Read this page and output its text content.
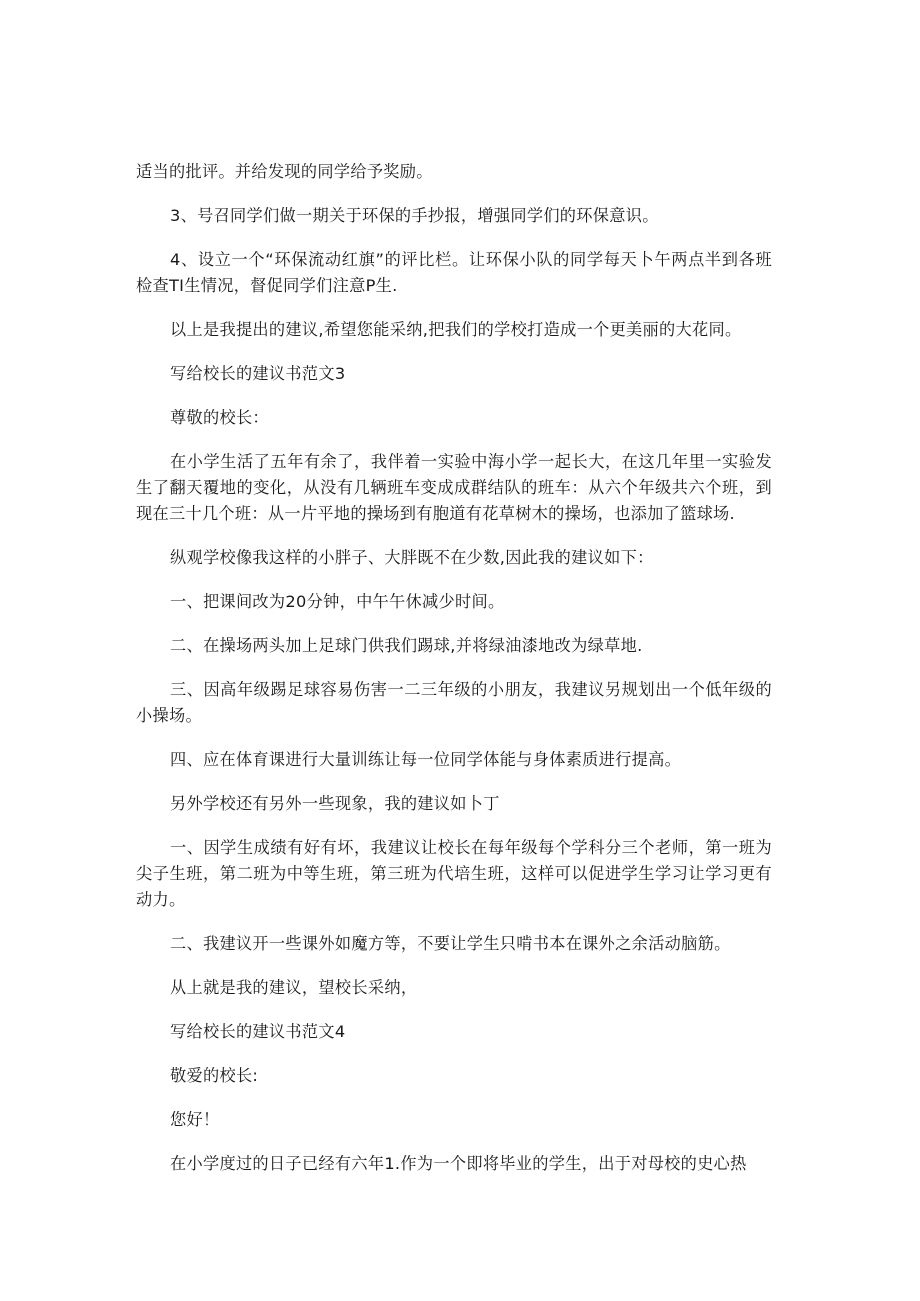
适当的批评。并给发现的同学给予奖励。

3、号召同学们做一期关于环保的手抄报，增强同学们的环保意识。

4、设立一个“环保流动红旗”的评比栏。让环保小队的同学每天卜午两点半到各班检查TI生情况，督促同学们注意P生.

以上是我提出的建议,希望您能采纳,把我们的学校打造成一个更美丽的大花同。

写给校长的建议书范文3

尊敬的校长：

在小学生活了五年有余了，我伴着一实验中海小学一起长大，在这几年里一实验发生了翻天覆地的变化，从没有几辆班车变成成群结队的班车：从六个年级共六个班，到现在三十几个班：从一片平地的操场到有胞道有花草树木的操场，也添加了篮球场.

纵观学校像我这样的小胖子、大胖既不在少数,因此我的建议如下：

一、把课间改为20分钟，中午午休减少时间。

二、在操场两头加上足球门供我们踢球,并将绿油漆地改为绿草地.

三、因高年级踢足球容易伤害一二三年级的小朋友，我建议另规划出一个低年级的小操场。

四、应在体育课进行大量训练让每一位同学体能与身体素质进行提高。

另外学校还有另外一些现象，我的建议如卜丁

一、因学生成绩有好有坏，我建议让校长在每年级每个学科分三个老师，第一班为尖子生班，第二班为中等生班，第三班为代培生班，这样可以促进学生学习让学习更有动力。

二、我建议开一些课外如魔方等，不要让学生只啃书本在课外之余活动脑筋。

从上就是我的建议，望校长采纳，

写给校长的建议书范文4

敬爱的校长:

您好！

在小学度过的日子已经有六年1.作为一个即将毕业的学生，出于对母校的史心热
